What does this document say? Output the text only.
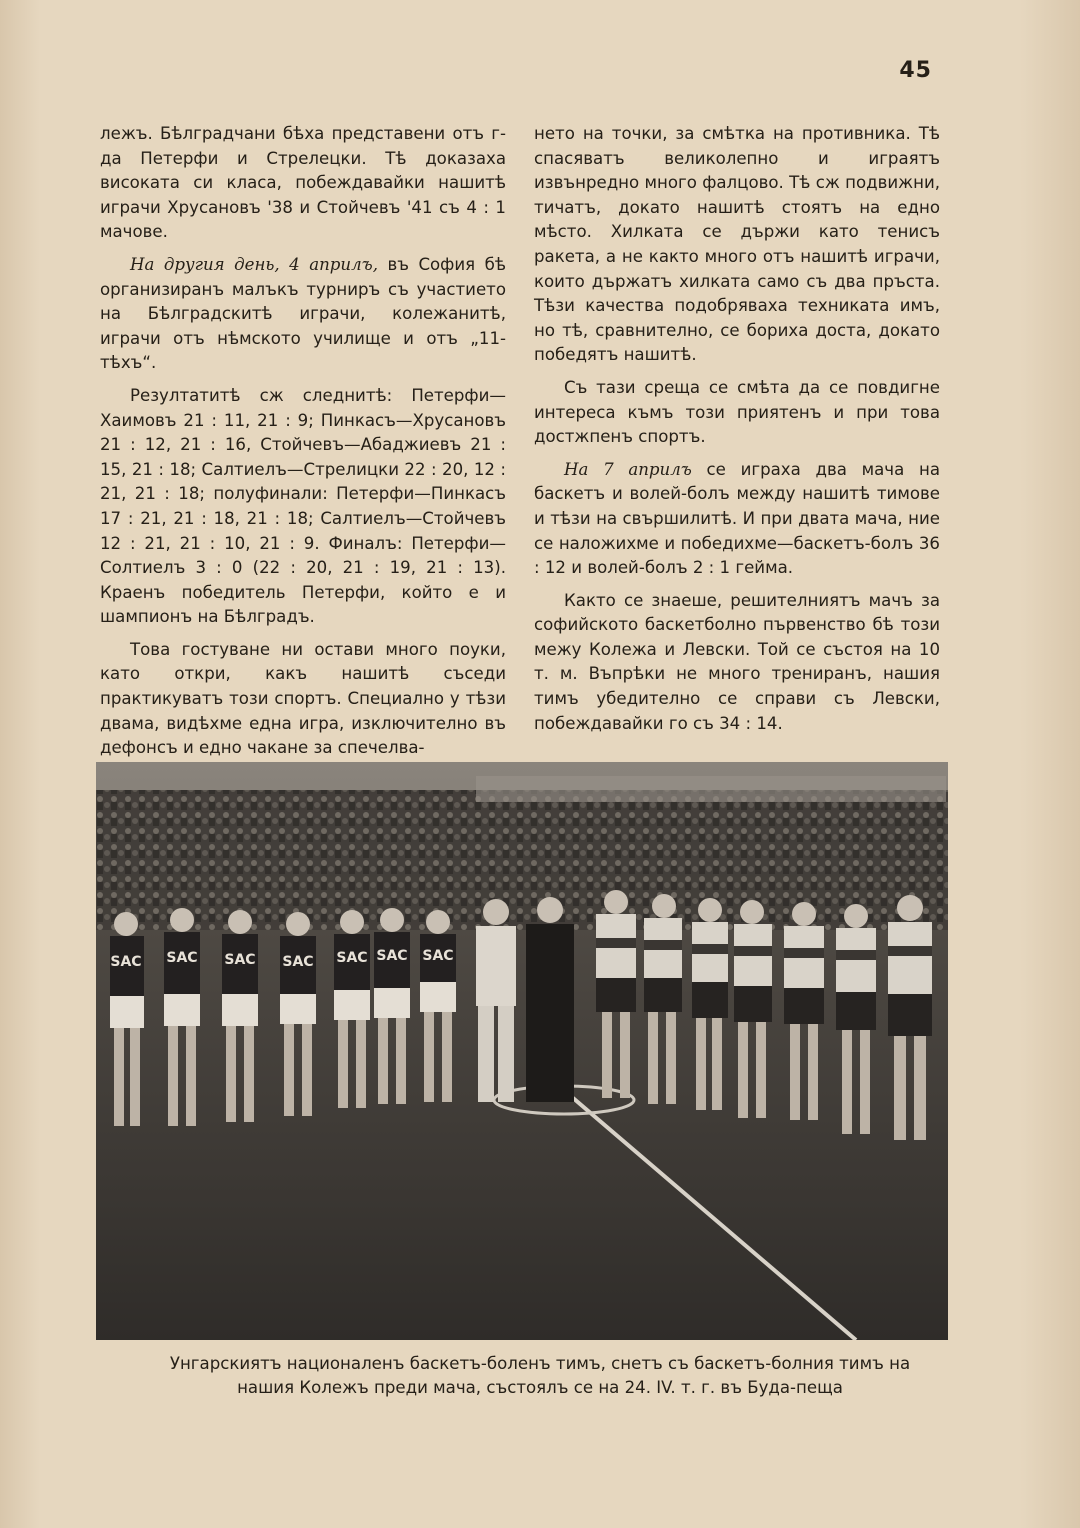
45

лежъ. Бѣлградчани бѣха представени отъ г-да Петерфи и Стрелецки. Тѣ доказаха високата си класа, побеждавайки нашитѣ играчи Хрусановъ '38 и Стойчевъ '41 съ 4 : 1 мачове.

На другия день, 4 априлъ, въ София бѣ организиранъ малъкъ турниръ съ участието на Бѣлградскитѣ играчи, колежанитѣ, играчи отъ нѣмското училище и отъ „11-тѣхъ“.

Резултатитѣ сж следнитѣ: Петерфи—Хаимовъ 21 : 11, 21 : 9; Пинкасъ—Хрусановъ 21 : 12, 21 : 16, Стойчевъ—Абаджиевъ 21 : 15, 21 : 18; Салтиелъ—Стрелицки 22 : 20, 12 : 21, 21 : 18; полуфинали: Петерфи—Пинкасъ 17 : 21, 21 : 18, 21 : 18; Салтиелъ—Стойчевъ 12 : 21, 21 : 10, 21 : 9. Финалъ: Петерфи—Солтиелъ 3 : 0 (22 : 20, 21 : 19, 21 : 13). Краенъ победитель Петерфи, който е и шампионъ на Бѣлградъ.

Това гостуване ни остави много поуки, като откри, какъ нашитѣ съседи практикуватъ този спортъ. Специално у тѣзи двама, видѣхме една игра, изключително въ дефонсъ и едно чакане за спечелва-

нето на точки, за смѣтка на противника. Тѣ спасяватъ великолепно и играятъ извънредно много фалцово. Тѣ сж подвижни, тичатъ, докато нашитѣ стоятъ на едно мѣсто. Хилката се държи като тенисъ ракета, а не както много отъ нашитѣ играчи, които държатъ хилката само съ два пръста. Тѣзи качества подобряваха техниката имъ, но тѣ, сравнително, се бориха доста, докато победятъ нашитѣ.

Съ тази среща се смѣта да се повдигне интереса къмъ този приятенъ и при това достжпенъ спортъ.

На 7 априлъ се играха два мача на баскетъ и волей-болъ между нашитѣ тимове и тѣзи на свършилитѣ. И при двата мача, ние се наложихме и победихме—баскетъ-болъ 36 : 12 и волей-болъ 2 : 1 гейма.

Както се знаеше, решителниятъ мачъ за софийското баскетболно първенство бѣ този межу Колежа и Левски. Той се състоя на 10 т. м. Въпрѣки не много трениранъ, нашия тимъ убедително се справи съ Левски, побеждавайки го съ 34 : 14.

SAC SAC SAC SAC SAC SAC SAC
Унгарскиятъ националенъ баскетъ-боленъ тимъ, снетъ съ баскетъ-болния тимъ на
нашия Колежъ преди мача, състоялъ се на 24. IV. т. г. въ Буда-пеща
